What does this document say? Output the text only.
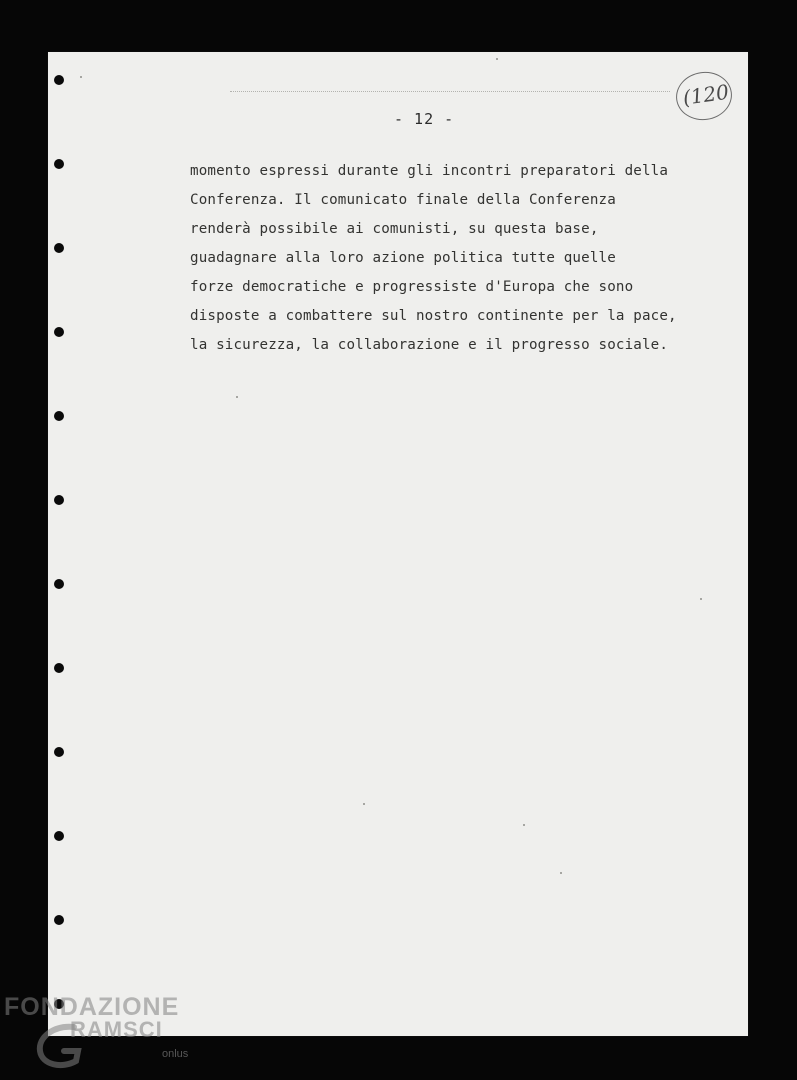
- 12 -
(120
momento espressi durante gli incontri preparatori della
Conferenza. Il comunicato finale della Conferenza
renderà possibile ai comunisti, su questa base,
guadagnare alla loro azione politica tutte quelle
forze democratiche e progressiste d'Europa che sono
disposte a combattere sul nostro continente per la pace,
la sicurezza, la collaborazione e il progresso sociale.
FONDAZIONE
RAMSCI
onlus
